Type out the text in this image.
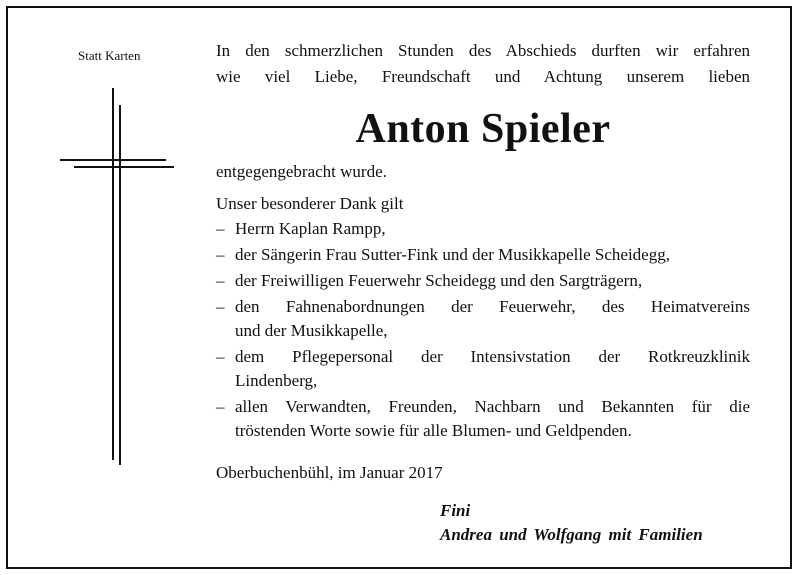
Statt Karten	In den schmerzlichen Stunden des Abschieds durften wir erfahren
wie viel Liebe, Freundschaft und Achtung unserem lieben
Anton Spieler
entgegengebracht wurde.
Unser besonderer Dank gilt
– Herrn Kaplan Rampp,
– der Sängerin Frau Sutter-Fink und der Musikkapelle Scheidegg,
– der Freiwilligen Feuerwehr Scheidegg und den Sargträgern,
– den Fahnenabordnungen der Feuerwehr, des Heimatvereins
und der Musikkapelle,
– dem Pflegepersonal der Intensivstation der Rotkreuzklinik
Lindenberg,
– allen Verwandten, Freunden, Nachbarn und Bekannten für die
tröstenden Worte sowie für alle Blumen- und Geldpenden.
Oberbuchenbühl, im Januar 2017
Fini
Andrea und Wolfgang mit Familien
